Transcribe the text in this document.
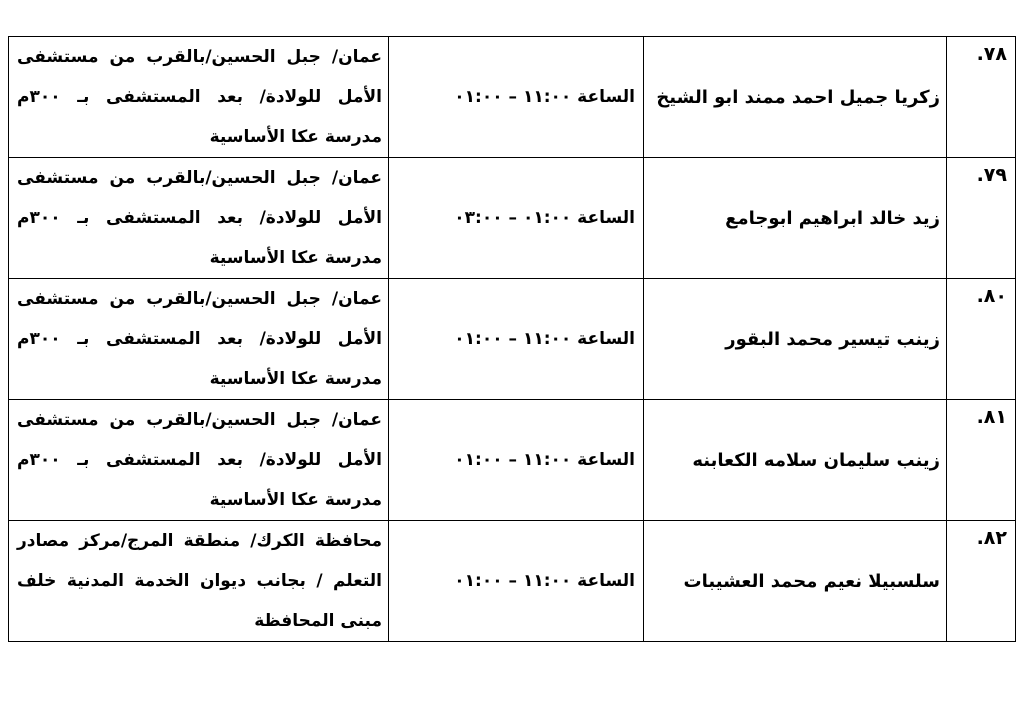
٧٨.	زكريا جميل احمد ممند ابو الشيخ	الساعة ١١:٠٠ – ٠١:٠٠	عمان/ جبل الحسين/بالقرب من مستشفى الأمل للولادة/ بعد المستشفى بـ ٣٠٠م مدرسة عكا الأساسية
٧٩.	زيد خالد ابراهيم ابوجامع	الساعة ٠١:٠٠ – ٠٣:٠٠	عمان/ جبل الحسين/بالقرب من مستشفى الأمل للولادة/ بعد المستشفى بـ ٣٠٠م مدرسة عكا الأساسية
٨٠.	زينب تيسير محمد البقور	الساعة ١١:٠٠ – ٠١:٠٠	عمان/ جبل الحسين/بالقرب من مستشفى الأمل للولادة/ بعد المستشفى بـ ٣٠٠م مدرسة عكا الأساسية
٨١.	زينب سليمان سلامه الكعابنه	الساعة ١١:٠٠ – ٠١:٠٠	عمان/ جبل الحسين/بالقرب من مستشفى الأمل للولادة/ بعد المستشفى بـ ٣٠٠م مدرسة عكا الأساسية
٨٢.	سلسبيلا نعيم محمد العشيبات	الساعة ١١:٠٠ – ٠١:٠٠	محافظة الكرك/ منطقة المرج/مركز مصادر التعلم / بجانب ديوان الخدمة المدنية خلف مبنى المحافظة
